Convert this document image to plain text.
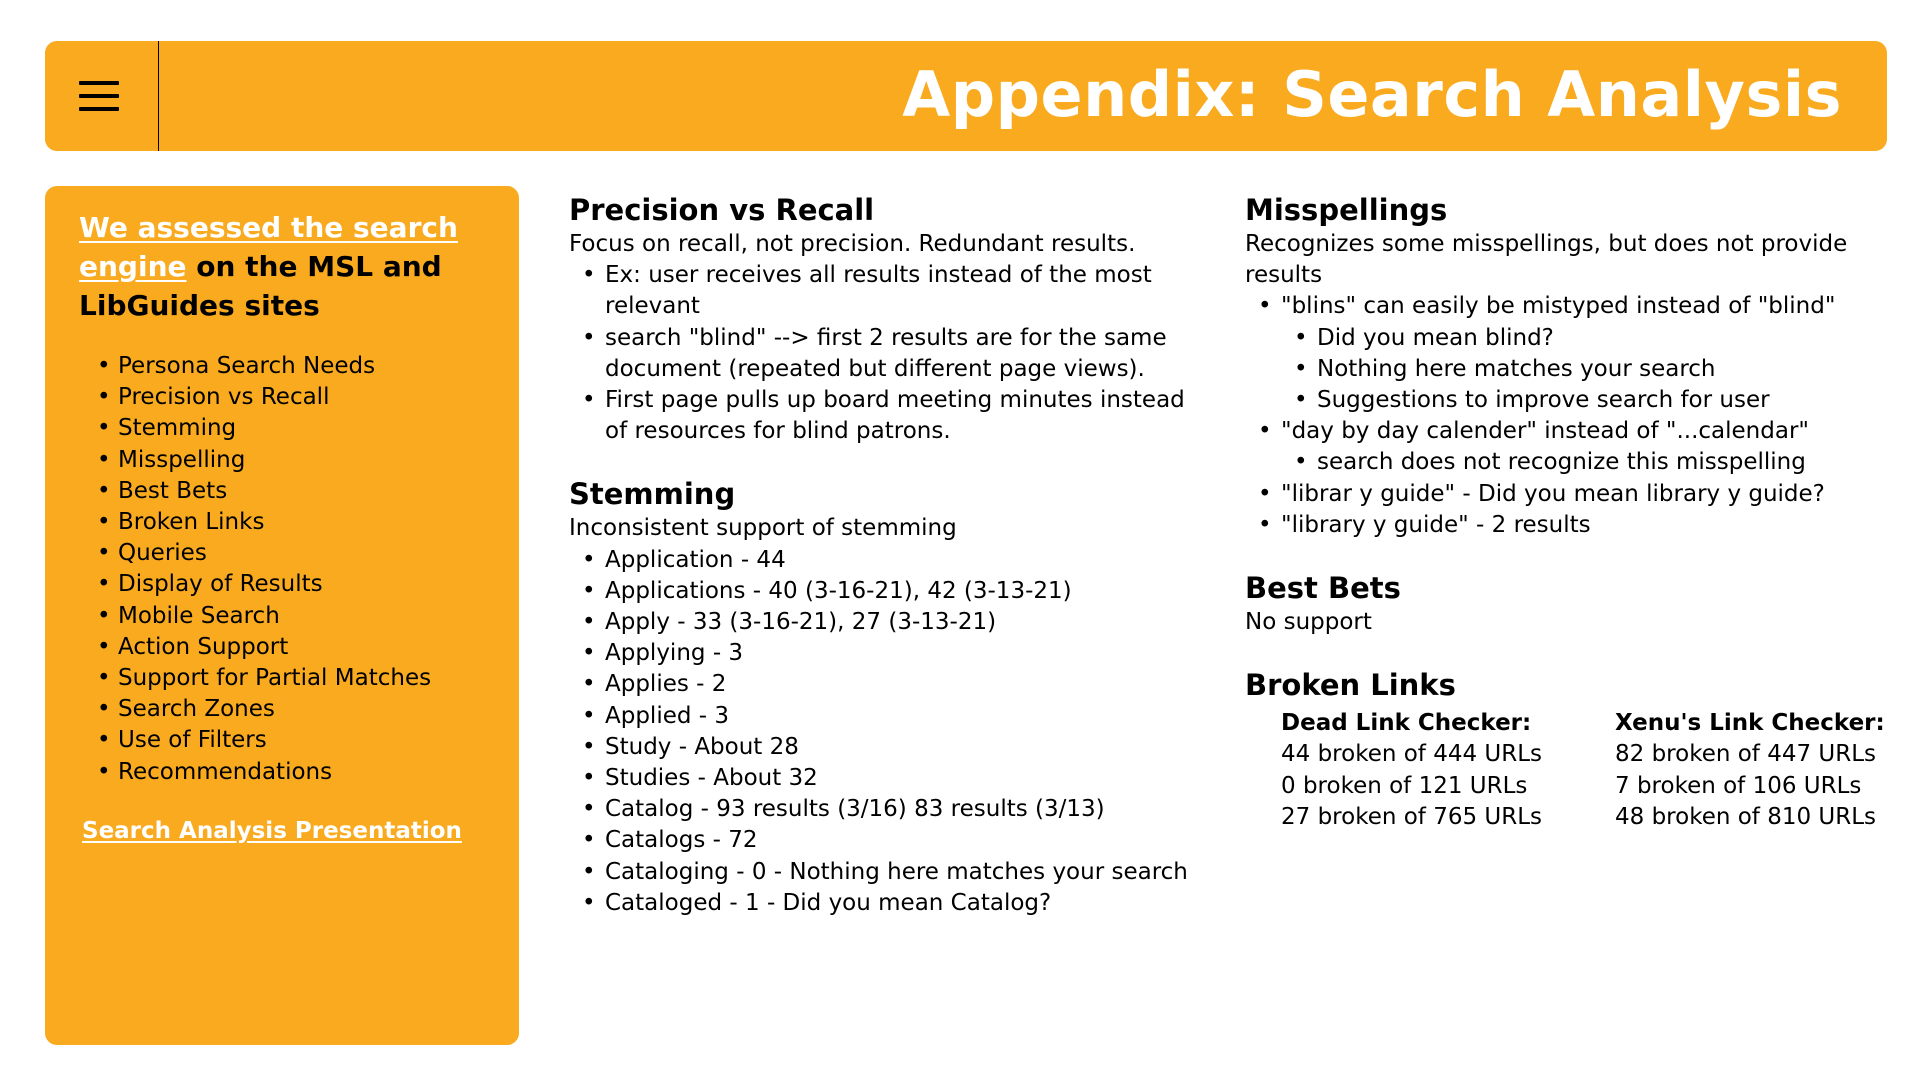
Appendix: Search Analysis
We assessed the search engine on the MSL and LibGuides sites
• Persona Search Needs
• Precision vs Recall
• Stemming
• Misspelling
• Best Bets
• Broken Links
• Queries
• Display of Results
• Mobile Search
• Action Support
• Support for Partial Matches
• Search Zones
• Use of Filters
• Recommendations
Search Analysis Presentation
Precision vs Recall

Focus on recall, not precision. Redundant results.

• Ex: user receives all results instead of the most relevant
• search "blind" --> first 2 results are for the same document (repeated but different page views).
• First page pulls up board meeting minutes instead of resources for blind patrons.
Stemming

Inconsistent support of stemming

• Application - 44
• Applications - 40 (3-16-21), 42 (3-13-21)
• Apply - 33 (3-16-21), 27 (3-13-21)
• Applying - 3
• Applies - 2
• Applied - 3
• Study - About 28
• Studies - About 32
• Catalog - 93 results (3/16) 83 results (3/13)
• Catalogs - 72
• Cataloging - 0 - Nothing here matches your search
• Cataloged - 1 - Did you mean Catalog?
Misspellings

Recognizes some misspellings, but does not provide results

• "blins" can easily be mistyped instead of "blind"
• Did you mean blind?
• Nothing here matches your search
• Suggestions to improve search for user
• "day by day calender" instead of "...calendar"
• search does not recognize this misspelling
• "librar y guide" - Did you mean library y guide?
• "library y guide" - 2 results
Best Bets

No support

Broken Links
Dead Link Checker:
44 broken of 444 URLs
0 broken of 121 URLs
27 broken of 765 URLs
Xenu's Link Checker:
82 broken of 447 URLs
7 broken of 106 URLs
48 broken of 810 URLs
